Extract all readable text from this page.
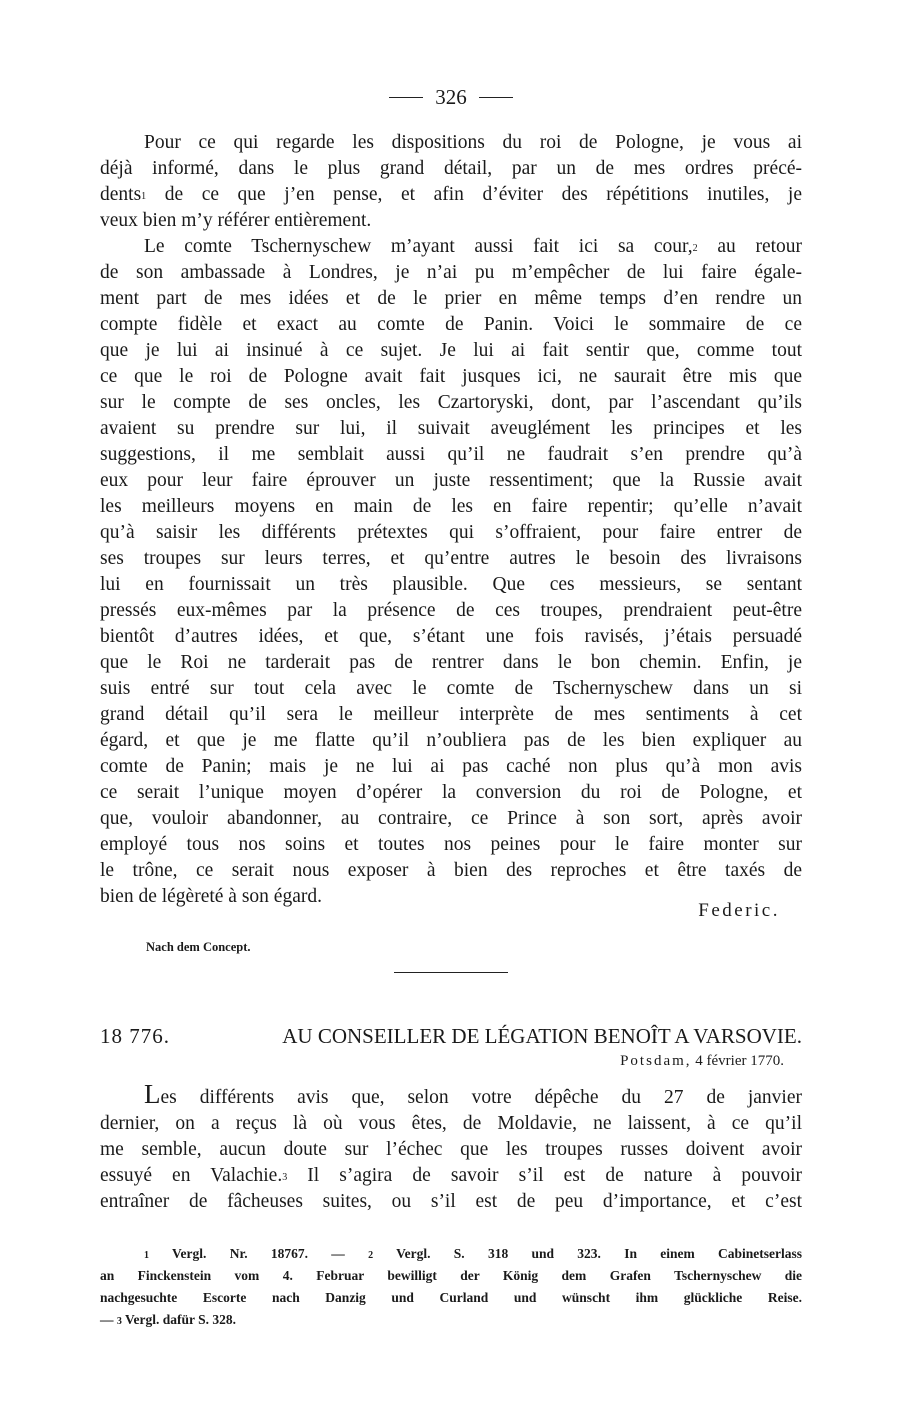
326

Pour ce qui regarde les dispositions du roi de Pologne, je vous ai
déjà informé, dans le plus grand détail, par un de mes ordres précé-
dents$^1$ de ce que j’en pense, et afin d’éviter des répétitions inutiles, je
veux bien m’y référer entièrement.

Le comte Tschernyschew m’ayant aussi fait ici sa cour,$^2$ au retour
de son ambassade à Londres, je n’ai pu m’empêcher de lui faire égale-
ment part de mes idées et de le prier en même temps d’en rendre un
compte fidèle et exact au comte de Panin. Voici le sommaire de ce
que je lui ai insinué à ce sujet. Je lui ai fait sentir que, comme tout
ce que le roi de Pologne avait fait jusques ici, ne saurait être mis que
sur le compte de ses oncles, les Czartoryski, dont, par l’ascendant qu’ils
avaient su prendre sur lui, il suivait aveuglément les principes et les
suggestions, il me semblait aussi qu’il ne faudrait s’en prendre qu’à
eux pour leur faire éprouver un juste ressentiment; que la Russie avait
les meilleurs moyens en main de les en faire repentir; qu’elle n’avait
qu’à saisir les différents prétextes qui s’offraient, pour faire entrer de
ses troupes sur leurs terres, et qu’entre autres le besoin des livraisons
lui en fournissait un très plausible. Que ces messieurs, se sentant
pressés eux-mêmes par la présence de ces troupes, prendraient peut-être
bientôt d’autres idées, et que, s’étant une fois ravisés, j’étais persuadé
que le Roi ne tarderait pas de rentrer dans le bon chemin. Enfin, je
suis entré sur tout cela avec le comte de Tschernyschew dans un si
grand détail qu’il sera le meilleur interprète de mes sentiments à cet
égard, et que je me flatte qu’il n’oubliera pas de les bien expliquer au
comte de Panin; mais je ne lui ai pas caché non plus qu’à mon avis
ce serait l’unique moyen d’opérer la conversion du roi de Pologne, et
que, vouloir abandonner, au contraire, ce Prince à son sort, après avoir
employé tous nos soins et toutes nos peines pour le faire monter sur
le trône, ce serait nous exposer à bien des reproches et être taxés de
bien de légèreté à son égard.

Federic.
Nach dem Concept.
18 776.	AU CONSEILLER DE LÉGATION BENOÎT A VARSOVIE.
Potsdam, 4 février 1770.

Les différents avis que, selon votre dépêche du 27 de janvier
dernier, on a reçus là où vous êtes, de Moldavie, ne laissent, à ce qu’il
me semble, aucun doute sur l’échec que les troupes russes doivent avoir
essuyé en Valachie.$^3$ Il s’agira de savoir s’il est de nature à pouvoir
entraîner de fâcheuses suites, ou s’il est de peu d’importance, et c’est

$^1$ Vergl. Nr. 18767. — $^2$ Vergl. S. 318 und 323. In einem Cabinetserlass
an Finckenstein vom 4. Februar bewilligt der König dem Grafen Tschernyschew die
nachgesuchte Escorte nach Danzig und Curland und wünscht ihm glückliche Reise.
— $^3$ Vergl. dafür S. 328.
